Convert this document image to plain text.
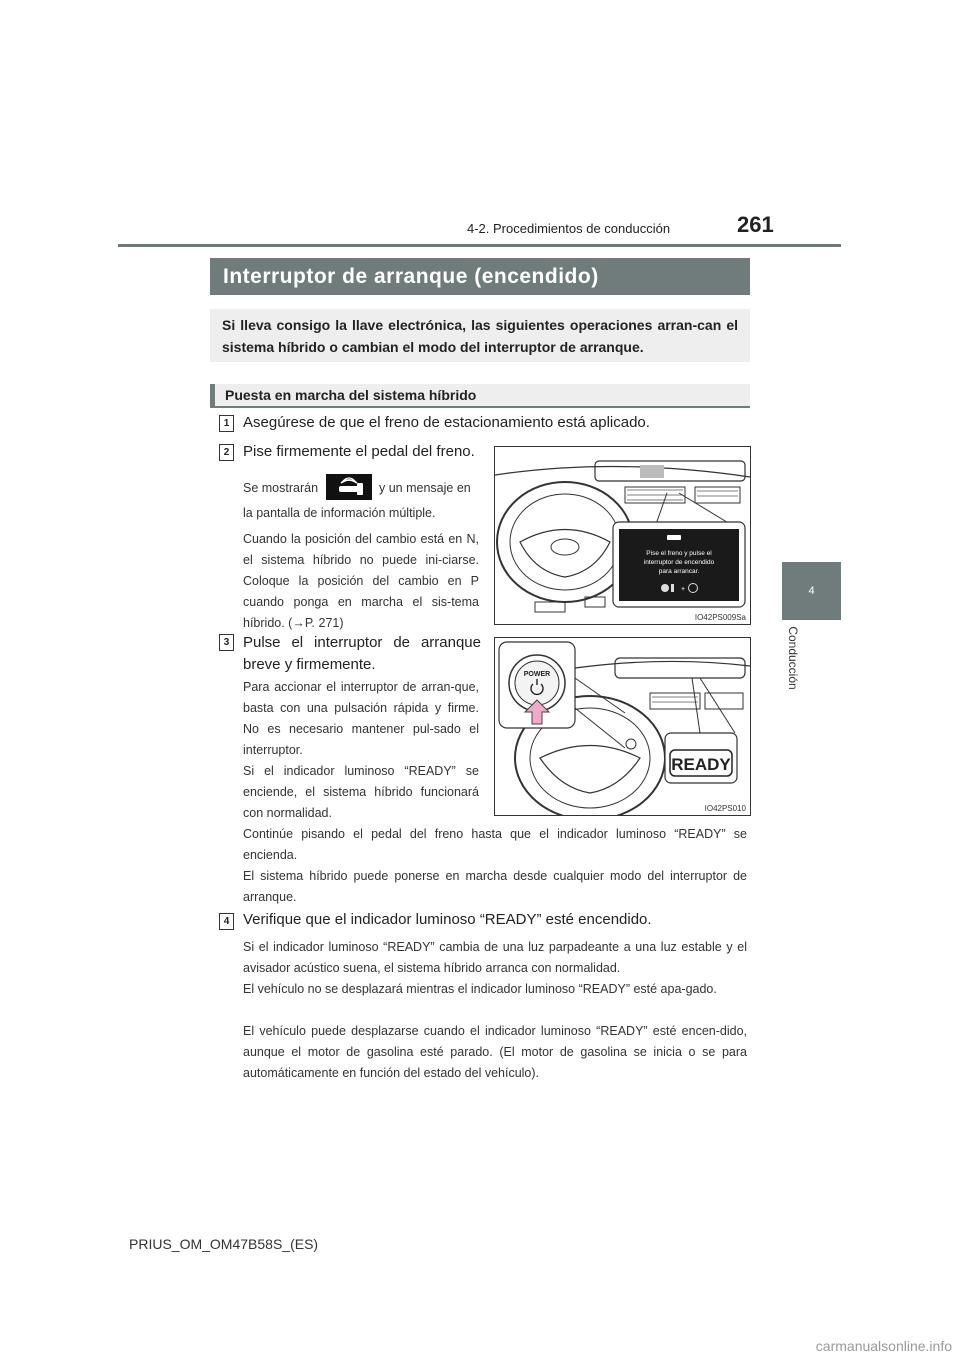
4-2. Procedimientos de conducción	261
4
Conducción
Interruptor de arranque (encendido)

Si lleva consigo la llave electrónica, las siguientes operaciones arran-can el sistema híbrido o cambian el modo del interruptor de arranque.

Puesta en marcha del sistema híbrido
1 Asegúrese de que el freno de estacionamiento está aplicado.
2 Pise firmemente el pedal del freno.
Se mostrarán	y un mensaje en
la pantalla de información múltiple.

Cuando la posición del cambio está en N, el sistema híbrido no puede ini-ciarse. Coloque la posición del cambio en P cuando ponga en marcha el sis-tema híbrido. (→P. 271)

Pise el freno y pulse el
interruptor de encendido
para arrancar.
+
IO42PS009Sa
3 Pulse el interruptor de arranque breve y firmemente.

Para accionar el interruptor de arran-que, basta con una pulsación rápida y firme. No es necesario mantener pul-sado el interruptor.

Si el indicador luminoso “READY” se enciende, el sistema híbrido funcionará con normalidad.

Continúe pisando el pedal del freno hasta que el indicador luminoso “READY” se encienda.

El sistema híbrido puede ponerse en marcha desde cualquier modo del interruptor de arranque.

POWER
READY
IO42PS010
4 Verifique que el indicador luminoso “READY” esté encendido.

Si el indicador luminoso “READY” cambia de una luz parpadeante a una luz estable y el avisador acústico suena, el sistema híbrido arranca con normalidad.

El vehículo no se desplazará mientras el indicador luminoso “READY” esté apa-gado.

El vehículo puede desplazarse cuando el indicador luminoso “READY” esté encen-dido, aunque el motor de gasolina esté parado. (El motor de gasolina se inicia o se para automáticamente en función del estado del vehículo).

PRIUS_OM_OM47B58S_(ES)
carmanualsonline.info
